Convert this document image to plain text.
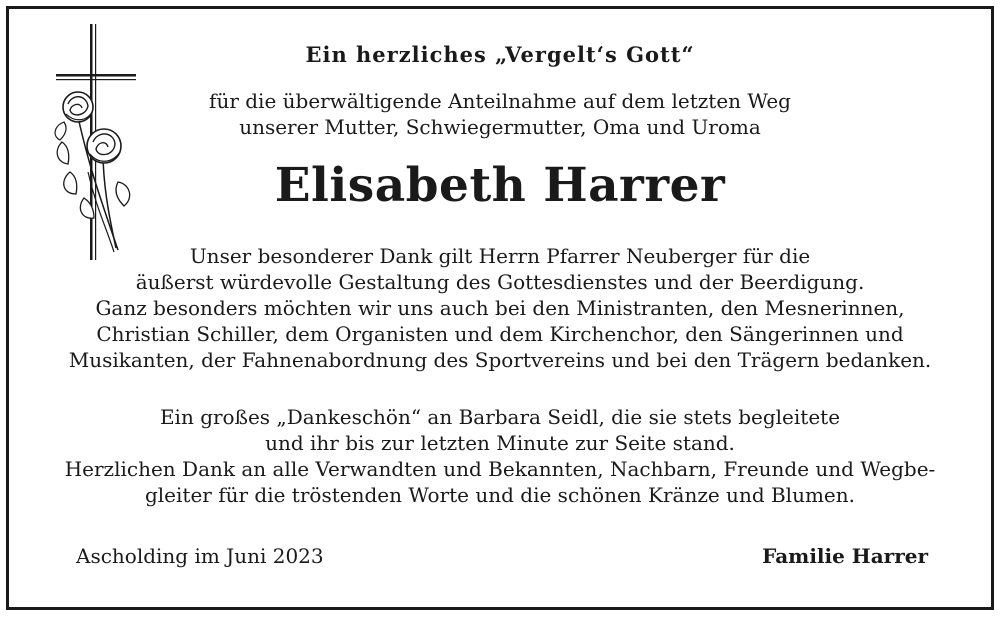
Ein herzliches „Vergelt‘s Gott“
für die überwältigende Anteilnahme auf dem letzten Weg
unserer Mutter, Schwiegermutter, Oma und Uroma
Elisabeth Harrer
Unser besonderer Dank gilt Herrn Pfarrer Neuberger für die
äußerst würdevolle Gestaltung des Gottesdienstes und der Beerdigung.
Ganz besonders möchten wir uns auch bei den Ministranten, den Mesnerinnen,
Christian Schiller, dem Organisten und dem Kirchenchor, den Sängerinnen und
Musikanten, der Fahnenabordnung des Sportvereins und bei den Trägern bedanken.
Ein großes „Dankeschön“ an Barbara Seidl, die sie stets begleitete
und ihr bis zur letzten Minute zur Seite stand.
Herzlichen Dank an alle Verwandten und Bekannten, Nachbarn, Freunde und Wegbe-
gleiter für die tröstenden Worte und die schönen Kränze und Blumen.
Ascholding im Juni 2023	Familie Harrer
